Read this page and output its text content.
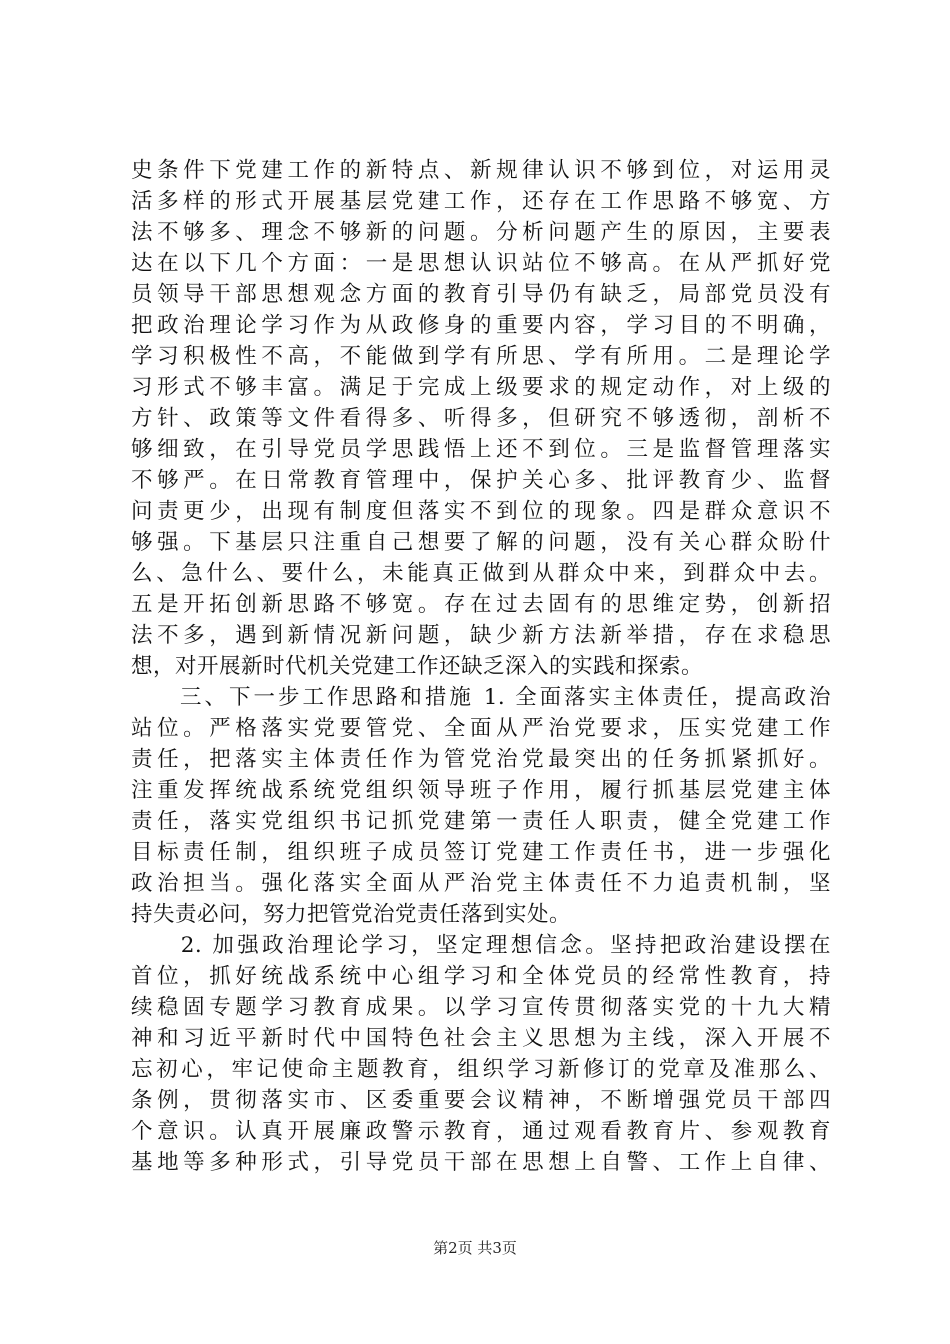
史条件下党建工作的新特点、新规律认识不够到位，对运用灵
活多样的形式开展基层党建工作，还存在工作思路不够宽、方
法不够多、理念不够新的问题。分析问题产生的原因，主要表
达在以下几个方面：一是思想认识站位不够高。在从严抓好党
员领导干部思想观念方面的教育引导仍有缺乏，局部党员没有
把政治理论学习作为从政修身的重要内容，学习目的不明确，
学习积极性不高，不能做到学有所思、学有所用。二是理论学
习形式不够丰富。满足于完成上级要求的规定动作，对上级的
方针、政策等文件看得多、听得多，但研究不够透彻，剖析不
够细致，在引导党员学思践悟上还不到位。三是监督管理落实
不够严。在日常教育管理中，保护关心多、批评教育少、监督
问责更少，出现有制度但落实不到位的现象。四是群众意识不
够强。下基层只注重自己想要了解的问题，没有关心群众盼什
么、急什么、要什么，未能真正做到从群众中来，到群众中去。
五是开拓创新思路不够宽。存在过去固有的思维定势，创新招
法不多，遇到新情况新问题，缺少新方法新举措，存在求稳思
想，对开展新时代机关党建工作还缺乏深入的实践和探索。
　　三、下一步工作思路和措施 1. 全面落实主体责任，提高政治
站位。严格落实党要管党、全面从严治党要求，压实党建工作
责任，把落实主体责任作为管党治党最突出的任务抓紧抓好。
注重发挥统战系统党组织领导班子作用，履行抓基层党建主体
责任，落实党组织书记抓党建第一责任人职责，健全党建工作
目标责任制，组织班子成员签订党建工作责任书，进一步强化
政治担当。强化落实全面从严治党主体责任不力追责机制，坚
持失责必问，努力把管党治党责任落到实处。
　　2. 加强政治理论学习，坚定理想信念。坚持把政治建设摆在
首位，抓好统战系统中心组学习和全体党员的经常性教育，持
续稳固专题学习教育成果。以学习宣传贯彻落实党的十九大精
神和习近平新时代中国特色社会主义思想为主线，深入开展不
忘初心，牢记使命主题教育，组织学习新修订的党章及准那么、
条例，贯彻落实市、区委重要会议精神，不断增强党员干部四
个意识。认真开展廉政警示教育，通过观看教育片、参观教育
基地等多种形式，引导党员干部在思想上自警、工作上自律、
第2页 共3页
